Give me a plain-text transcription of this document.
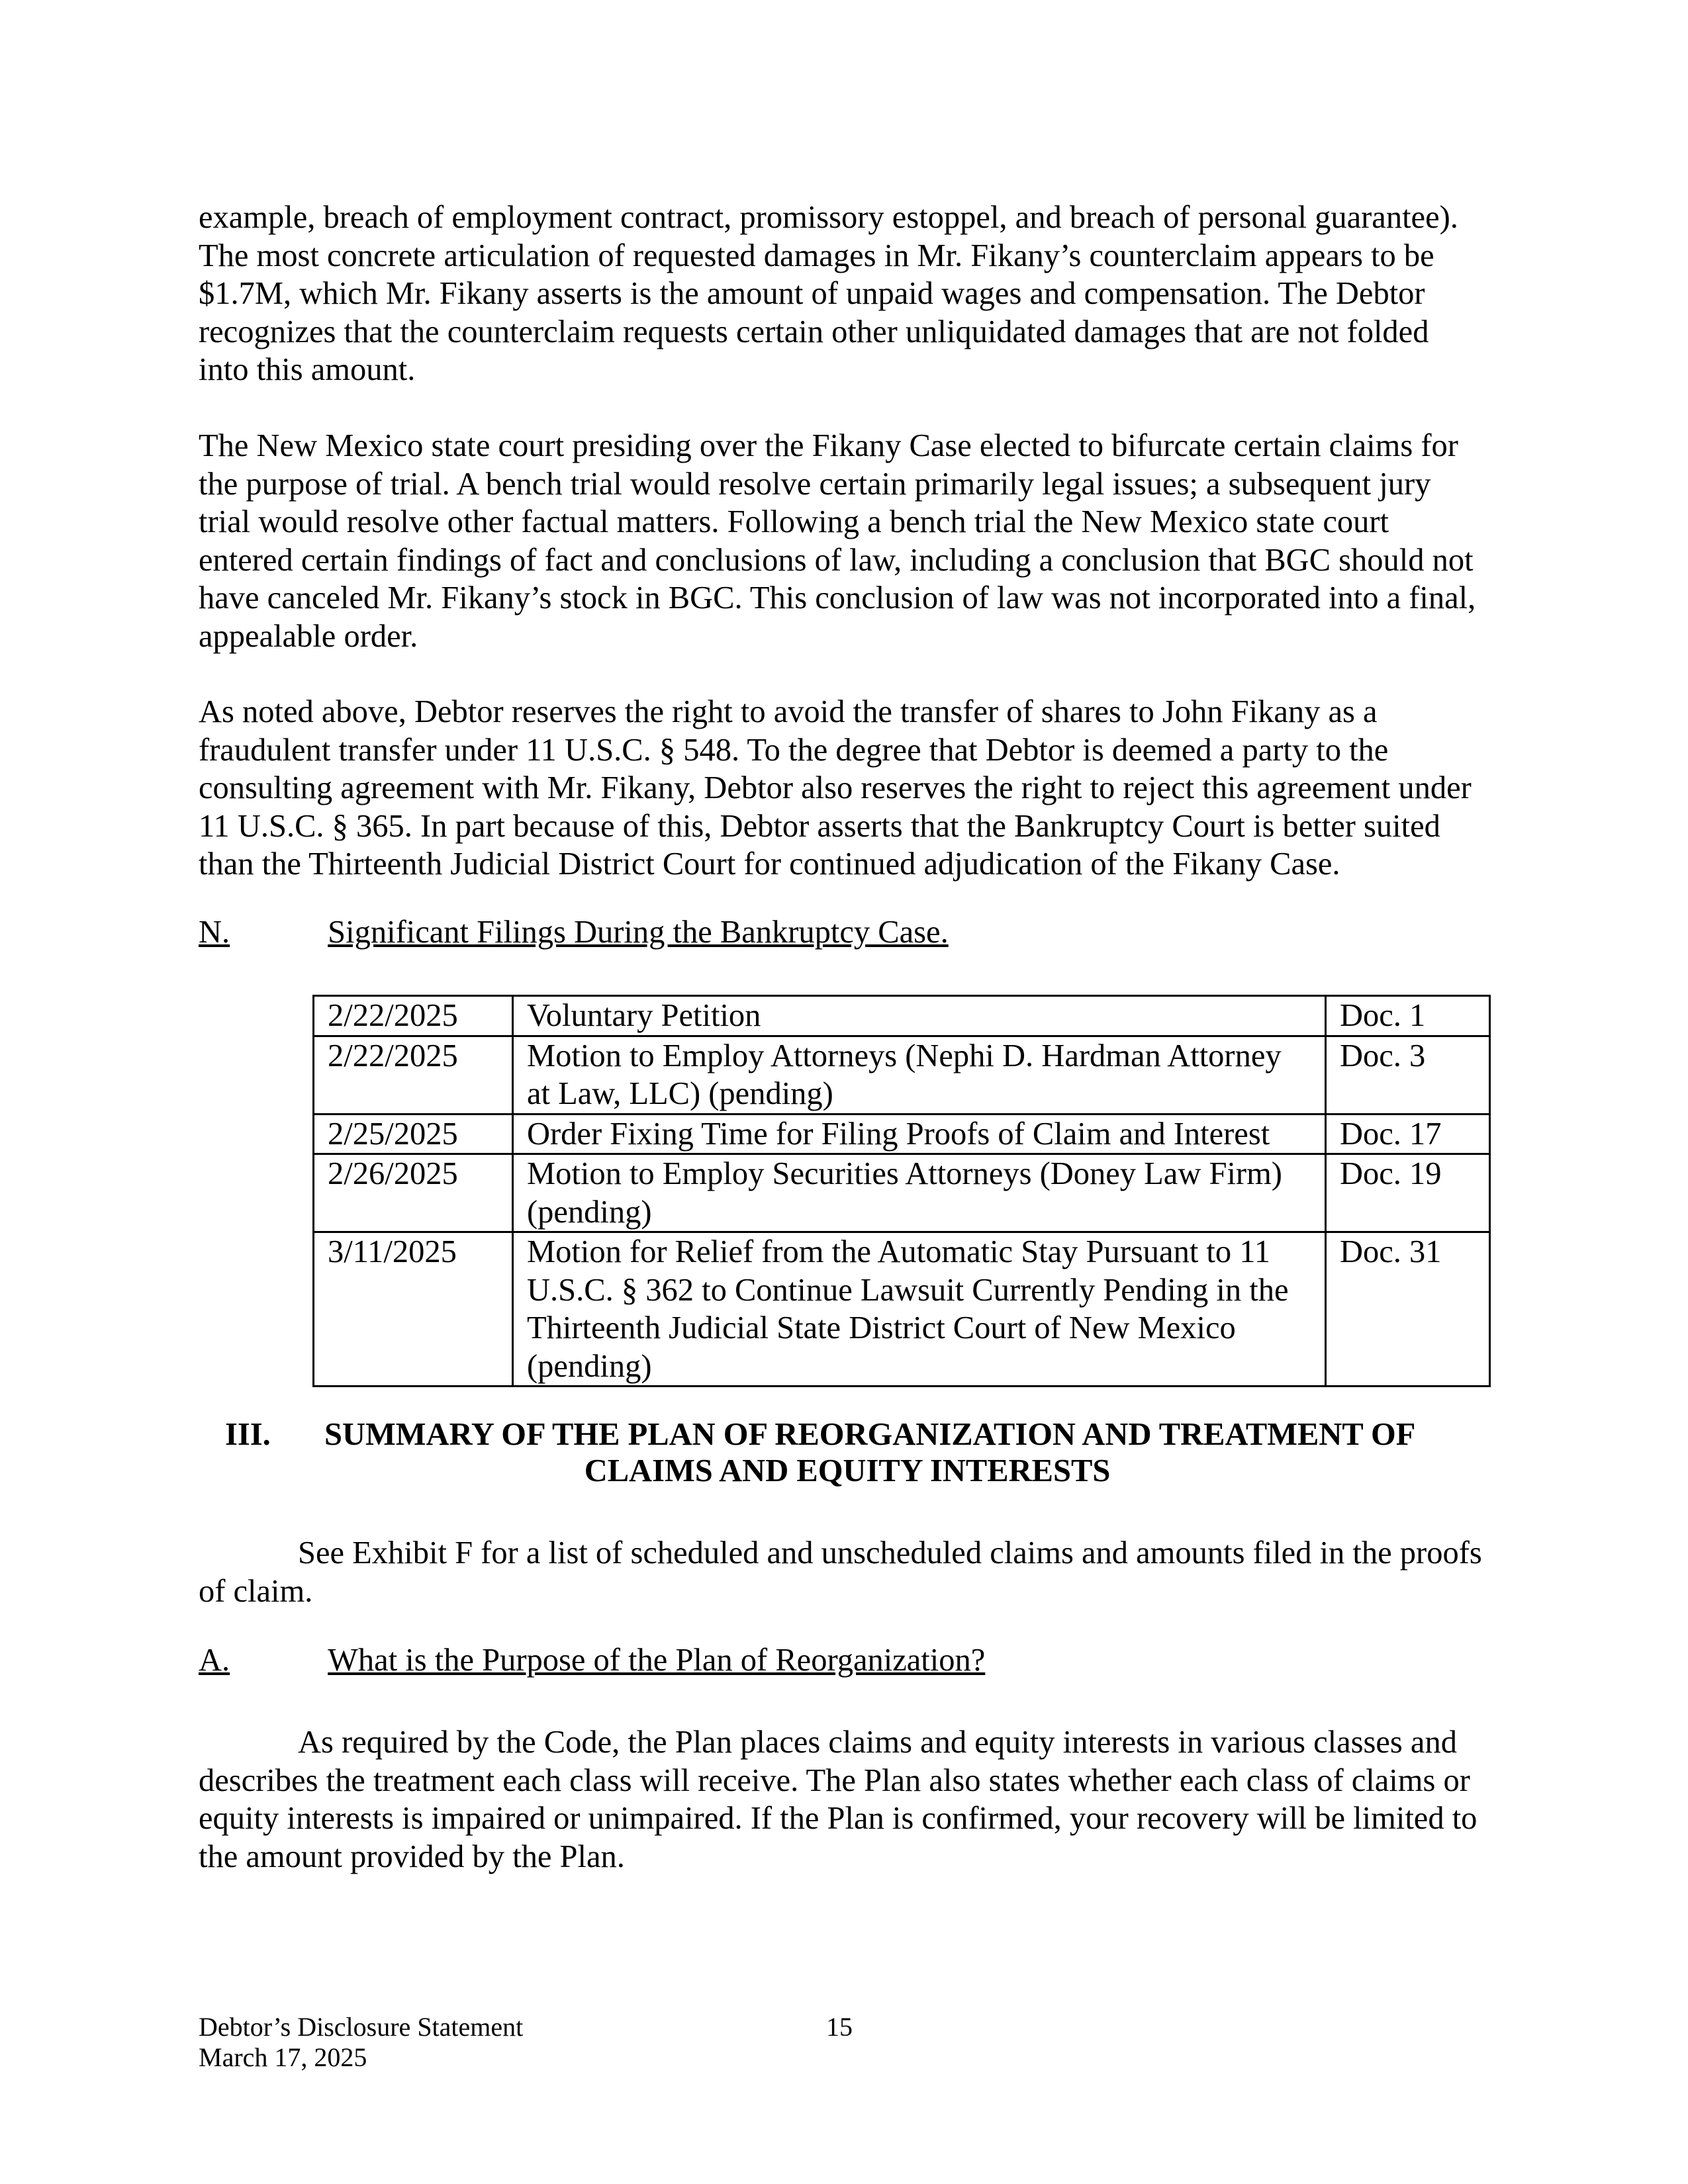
example, breach of employment contract, promissory estoppel, and breach of personal guarantee). The most concrete articulation of requested damages in Mr. Fikany’s counterclaim appears to be $1.7M, which Mr. Fikany asserts is the amount of unpaid wages and compensation. The Debtor recognizes that the counterclaim requests certain other unliquidated damages that are not folded into this amount.

The New Mexico state court presiding over the Fikany Case elected to bifurcate certain claims for the purpose of trial. A bench trial would resolve certain primarily legal issues; a subsequent jury trial would resolve other factual matters. Following a bench trial the New Mexico state court entered certain findings of fact and conclusions of law, including a conclusion that BGC should not have canceled Mr. Fikany’s stock in BGC. This conclusion of law was not incorporated into a final, appealable order.

As noted above, Debtor reserves the right to avoid the transfer of shares to John Fikany as a fraudulent transfer under 11 U.S.C. § 548. To the degree that Debtor is deemed a party to the consulting agreement with Mr. Fikany, Debtor also reserves the right to reject this agreement under 11 U.S.C. § 365. In part because of this, Debtor asserts that the Bankruptcy Court is better suited than the Thirteenth Judicial District Court for continued adjudication of the Fikany Case.

N.	Significant Filings During the Bankruptcy Case.
2/22/2025	Voluntary Petition	Doc. 1
2/22/2025	Motion to Employ Attorneys (Nephi D. Hardman Attorney at Law, LLC) (pending)	Doc. 3
2/25/2025	Order Fixing Time for Filing Proofs of Claim and Interest	Doc. 17
2/26/2025	Motion to Employ Securities Attorneys (Doney Law Firm) (pending)	Doc. 19
3/11/2025	Motion for Relief from the Automatic Stay Pursuant to 11 U.S.C. § 362 to Continue Lawsuit Currently Pending in the Thirteenth Judicial State District Court of New Mexico (pending)	Doc. 31
III. SUMMARY OF THE PLAN OF REORGANIZATION AND TREATMENT OF
CLAIMS AND EQUITY INTERESTS

See Exhibit F for a list of scheduled and unscheduled claims and amounts filed in the proofs of claim.

A.	What is the Purpose of the Plan of Reorganization?

As required by the Code, the Plan places claims and equity interests in various classes and describes the treatment each class will receive. The Plan also states whether each class of claims or equity interests is impaired or unimpaired. If the Plan is confirmed, your recovery will be limited to the amount provided by the Plan.

Debtor’s Disclosure Statement
March 17, 2025
15
